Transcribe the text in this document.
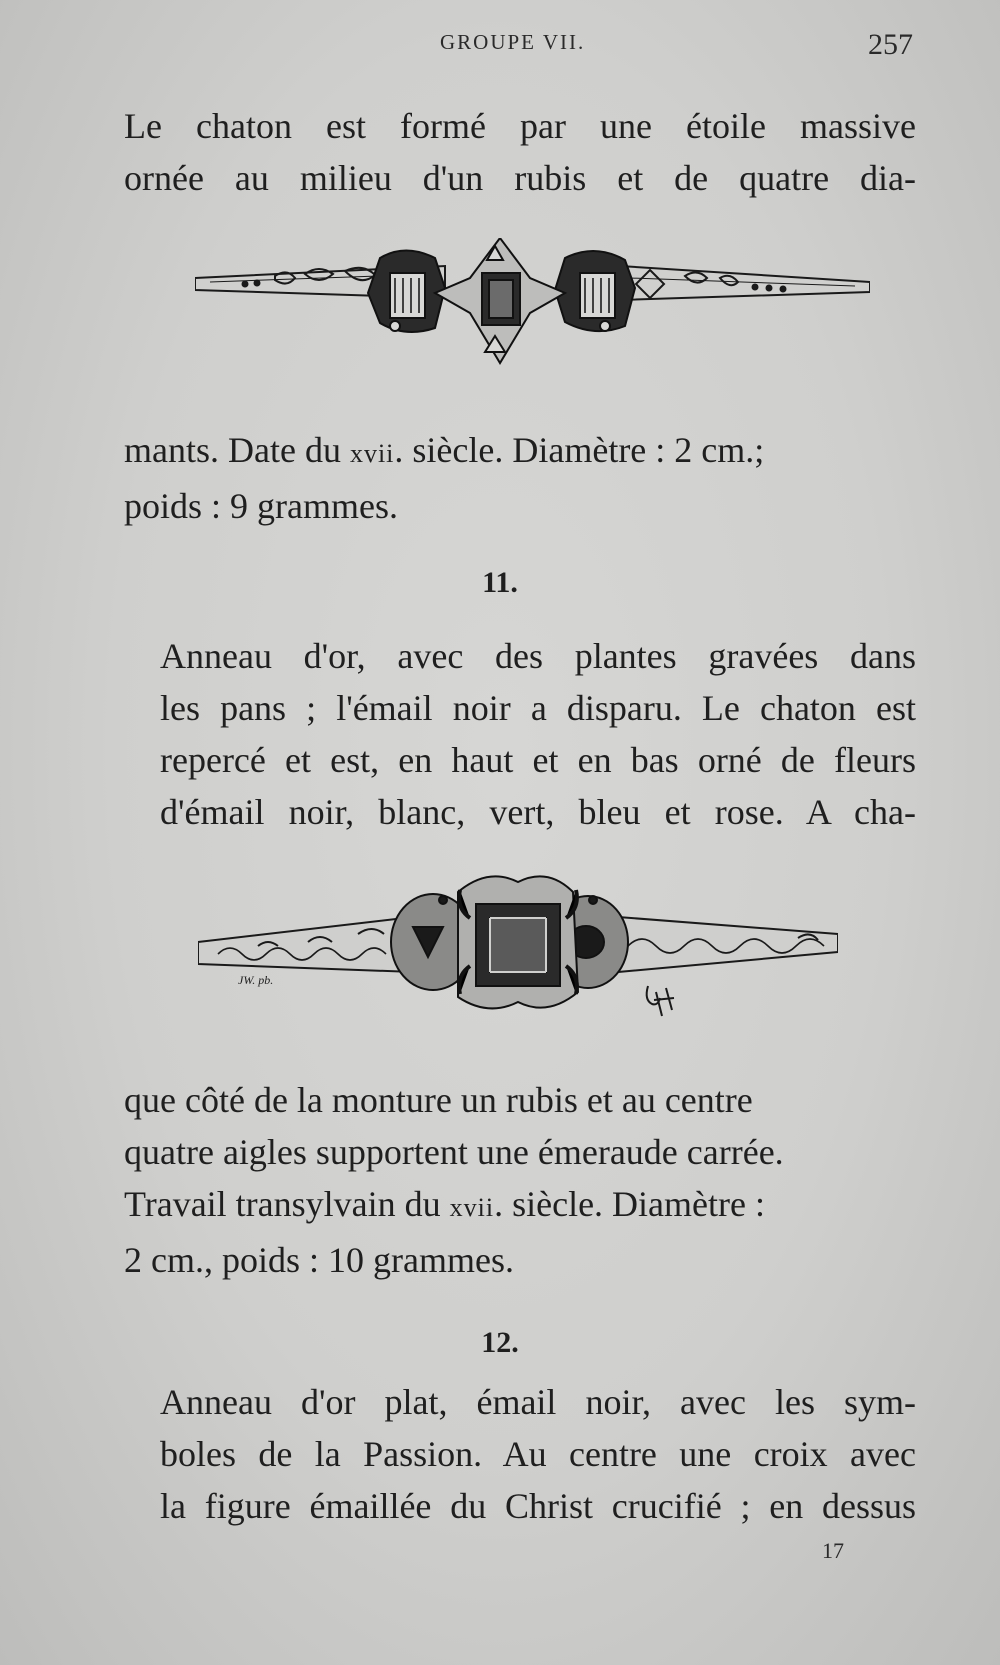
GROUPE VII.	257
Le chaton est formé par une étoile massive
ornée au milieu d'un rubis et de quatre dia-
mants. Date du xvii. siècle. Diamètre : 2 cm.;
poids : 9 grammes.
11.
Anneau d'or, avec des plantes gravées dans
les pans ; l'émail noir a disparu. Le chaton est
repercé et est, en haut et en bas orné de fleurs
d'émail noir, blanc, vert, bleu et rose. A cha-
JW. pb.
que côté de la monture un rubis et au centre
quatre aigles supportent une émeraude carrée.
Travail transylvain du xvii. siècle. Diamètre :
2 cm., poids : 10 grammes.
12.
Anneau d'or plat, émail noir, avec les sym-
boles de la Passion. Au centre une croix avec
la figure émaillée du Christ crucifié ; en dessus
17
